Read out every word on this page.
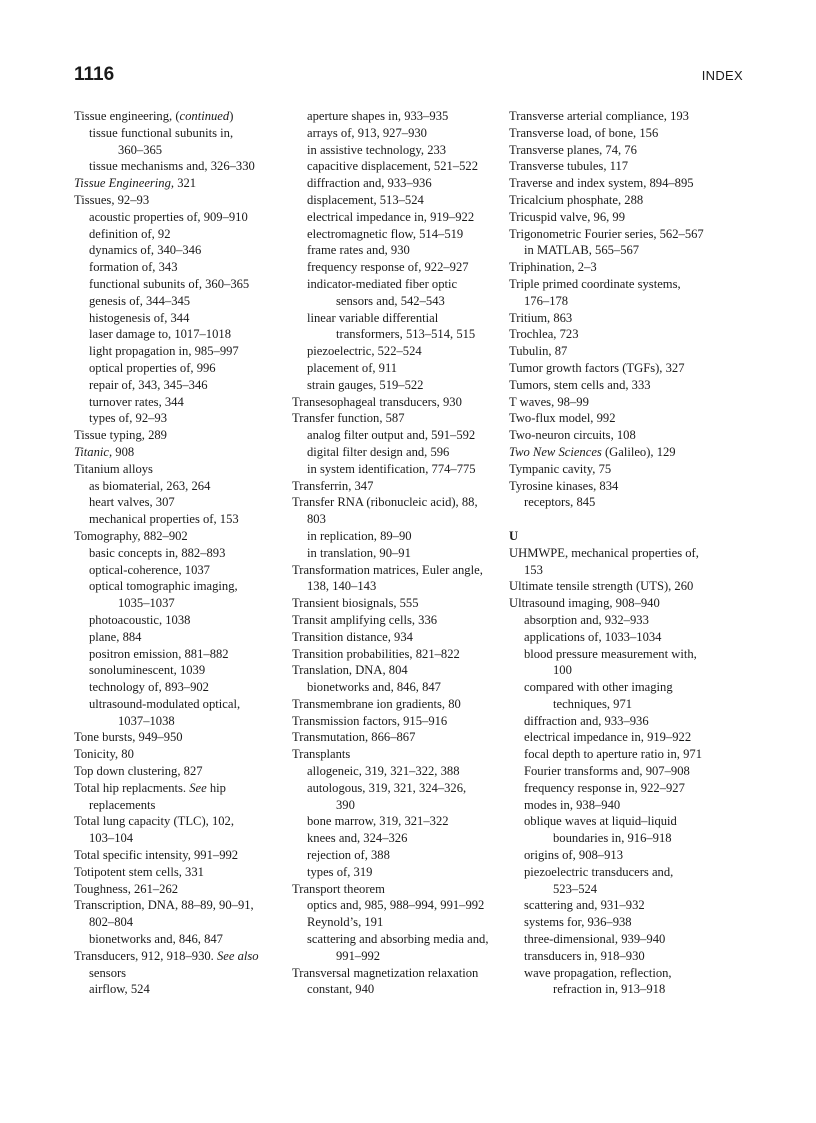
1116	INDEX
Tissue engineering, (continued)
tissue functional subunits in,
360–365
tissue mechanisms and, 326–330
Tissue Engineering, 321
Tissues, 92–93
acoustic properties of, 909–910
definition of, 92
dynamics of, 340–346
formation of, 343
functional subunits of, 360–365
genesis of, 344–345
histogenesis of, 344
laser damage to, 1017–1018
light propagation in, 985–997
optical properties of, 996
repair of, 343, 345–346
turnover rates, 344
types of, 92–93
Tissue typing, 289
Titanic, 908
Titanium alloys
as biomaterial, 263, 264
heart valves, 307
mechanical properties of, 153
Tomography, 882–902
basic concepts in, 882–893
optical-coherence, 1037
optical tomographic imaging,
1035–1037
photoacoustic, 1038
plane, 884
positron emission, 881–882
sonoluminescent, 1039
technology of, 893–902
ultrasound-modulated optical,
1037–1038
Tone bursts, 949–950
Tonicity, 80
Top down clustering, 827
Total hip replacments. See hip
replacements
Total lung capacity (TLC), 102,
103–104
Total specific intensity, 991–992
Totipotent stem cells, 331
Toughness, 261–262
Transcription, DNA, 88–89, 90–91,
802–804
bionetworks and, 846, 847
Transducers, 912, 918–930. See also
sensors
airflow, 524
aperture shapes in, 933–935
arrays of, 913, 927–930
in assistive technology, 233
capacitive displacement, 521–522
diffraction and, 933–936
displacement, 513–524
electrical impedance in, 919–922
electromagnetic flow, 514–519
frame rates and, 930
frequency response of, 922–927
indicator-mediated fiber optic
sensors and, 542–543
linear variable differential
transformers, 513–514, 515
piezoelectric, 522–524
placement of, 911
strain gauges, 519–522
Transesophageal transducers, 930
Transfer function, 587
analog filter output and, 591–592
digital filter design and, 596
in system identification, 774–775
Transferrin, 347
Transfer RNA (ribonucleic acid), 88,
803
in replication, 89–90
in translation, 90–91
Transformation matrices, Euler angle,
138, 140–143
Transient biosignals, 555
Transit amplifying cells, 336
Transition distance, 934
Transition probabilities, 821–822
Translation, DNA, 804
bionetworks and, 846, 847
Transmembrane ion gradients, 80
Transmission factors, 915–916
Transmutation, 866–867
Transplants
allogeneic, 319, 321–322, 388
autologous, 319, 321, 324–326,
390
bone marrow, 319, 321–322
knees and, 324–326
rejection of, 388
types of, 319
Transport theorem
optics and, 985, 988–994, 991–992
Reynold’s, 191
scattering and absorbing media and,
991–992
Transversal magnetization relaxation
constant, 940
Transverse arterial compliance, 193
Transverse load, of bone, 156
Transverse planes, 74, 76
Transverse tubules, 117
Traverse and index system, 894–895
Tricalcium phosphate, 288
Tricuspid valve, 96, 99
Trigonometric Fourier series, 562–567
in MATLAB, 565–567
Triphination, 2–3
Triple primed coordinate systems,
176–178
Tritium, 863
Trochlea, 723
Tubulin, 87
Tumor growth factors (TGFs), 327
Tumors, stem cells and, 333
T waves, 98–99
Two-flux model, 992
Two-neuron circuits, 108
Two New Sciences (Galileo), 129
Tympanic cavity, 75
Tyrosine kinases, 834
receptors, 845
U
UHMWPE, mechanical properties of,
153
Ultimate tensile strength (UTS), 260
Ultrasound imaging, 908–940
absorption and, 932–933
applications of, 1033–1034
blood pressure measurement with,
100
compared with other imaging
techniques, 971
diffraction and, 933–936
electrical impedance in, 919–922
focal depth to aperture ratio in, 971
Fourier transforms and, 907–908
frequency response in, 922–927
modes in, 938–940
oblique waves at liquid–liquid
boundaries in, 916–918
origins of, 908–913
piezoelectric transducers and,
523–524
scattering and, 931–932
systems for, 936–938
three-dimensional, 939–940
transducers in, 918–930
wave propagation, reflection,
refraction in, 913–918
